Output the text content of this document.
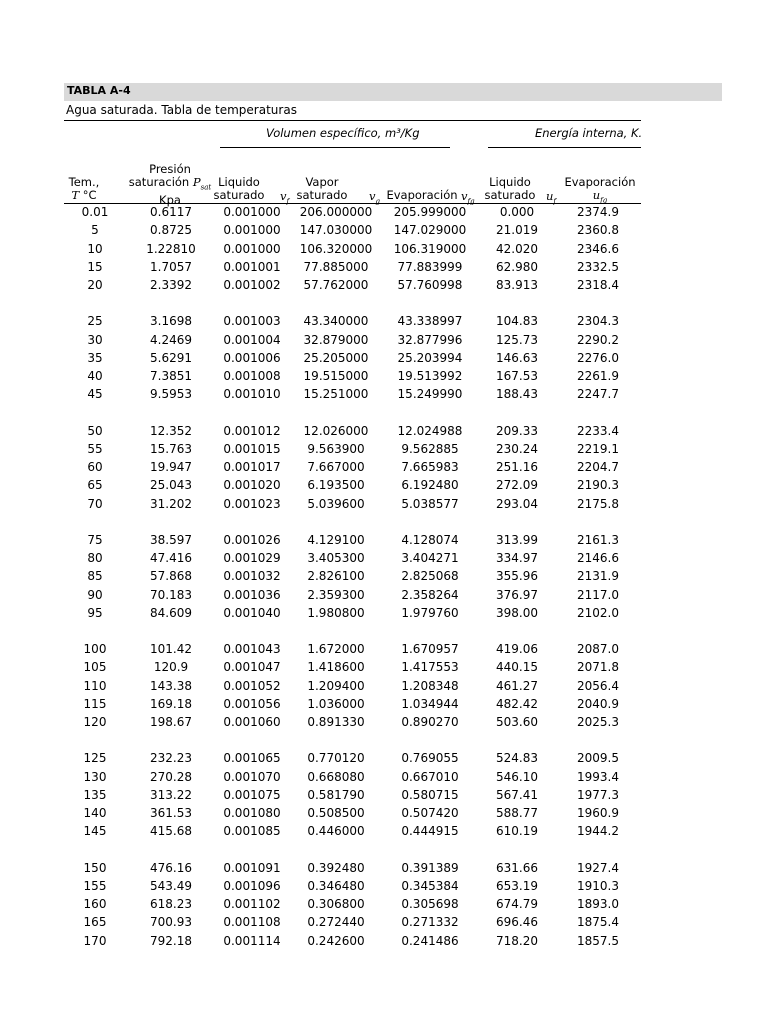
TABLA A-4
Agua saturada. Tabla de temperaturas
Volumen específico, m³/Kg	Energía interna, K.
Tem.,
T °C
Presión
saturación $P_{sat}$
Kpa
Liquido
saturado $v_f$
Vapor
saturado	$v_g$ Evaporación $v_{fg}$
Liquido
saturado $u_f$
Evaporación
$u_{fg}$
0.01	0.6117	0.001000	206.000000	205.999000	0.000	2374.9
5	0.8725	0.001000	147.030000	147.029000	21.019	2360.8
10	1.22810	0.001000	106.320000	106.319000	42.020	2346.6
15	1.7057	0.001001	77.885000	77.883999	62.980	2332.5
20	2.3392	0.001002	57.762000	57.760998	83.913	2318.4
25	3.1698	0.001003	43.340000	43.338997	104.83	2304.3
30	4.2469	0.001004	32.879000	32.877996	125.73	2290.2
35	5.6291	0.001006	25.205000	25.203994	146.63	2276.0
40	7.3851	0.001008	19.515000	19.513992	167.53	2261.9
45	9.5953	0.001010	15.251000	15.249990	188.43	2247.7
50	12.352	0.001012	12.026000	12.024988	209.33	2233.4
55	15.763	0.001015	9.563900	9.562885	230.24	2219.1
60	19.947	0.001017	7.667000	7.665983	251.16	2204.7
65	25.043	0.001020	6.193500	6.192480	272.09	2190.3
70	31.202	0.001023	5.039600	5.038577	293.04	2175.8
75	38.597	0.001026	4.129100	4.128074	313.99	2161.3
80	47.416	0.001029	3.405300	3.404271	334.97	2146.6
85	57.868	0.001032	2.826100	2.825068	355.96	2131.9
90	70.183	0.001036	2.359300	2.358264	376.97	2117.0
95	84.609	0.001040	1.980800	1.979760	398.00	2102.0
100	101.42	0.001043	1.672000	1.670957	419.06	2087.0
105	120.9	0.001047	1.418600	1.417553	440.15	2071.8
110	143.38	0.001052	1.209400	1.208348	461.27	2056.4
115	169.18	0.001056	1.036000	1.034944	482.42	2040.9
120	198.67	0.001060	0.891330	0.890270	503.60	2025.3
125	232.23	0.001065	0.770120	0.769055	524.83	2009.5
130	270.28	0.001070	0.668080	0.667010	546.10	1993.4
135	313.22	0.001075	0.581790	0.580715	567.41	1977.3
140	361.53	0.001080	0.508500	0.507420	588.77	1960.9
145	415.68	0.001085	0.446000	0.444915	610.19	1944.2
150	476.16	0.001091	0.392480	0.391389	631.66	1927.4
155	543.49	0.001096	0.346480	0.345384	653.19	1910.3
160	618.23	0.001102	0.306800	0.305698	674.79	1893.0
165	700.93	0.001108	0.272440	0.271332	696.46	1875.4
170	792.18	0.001114	0.242600	0.241486	718.20	1857.5
